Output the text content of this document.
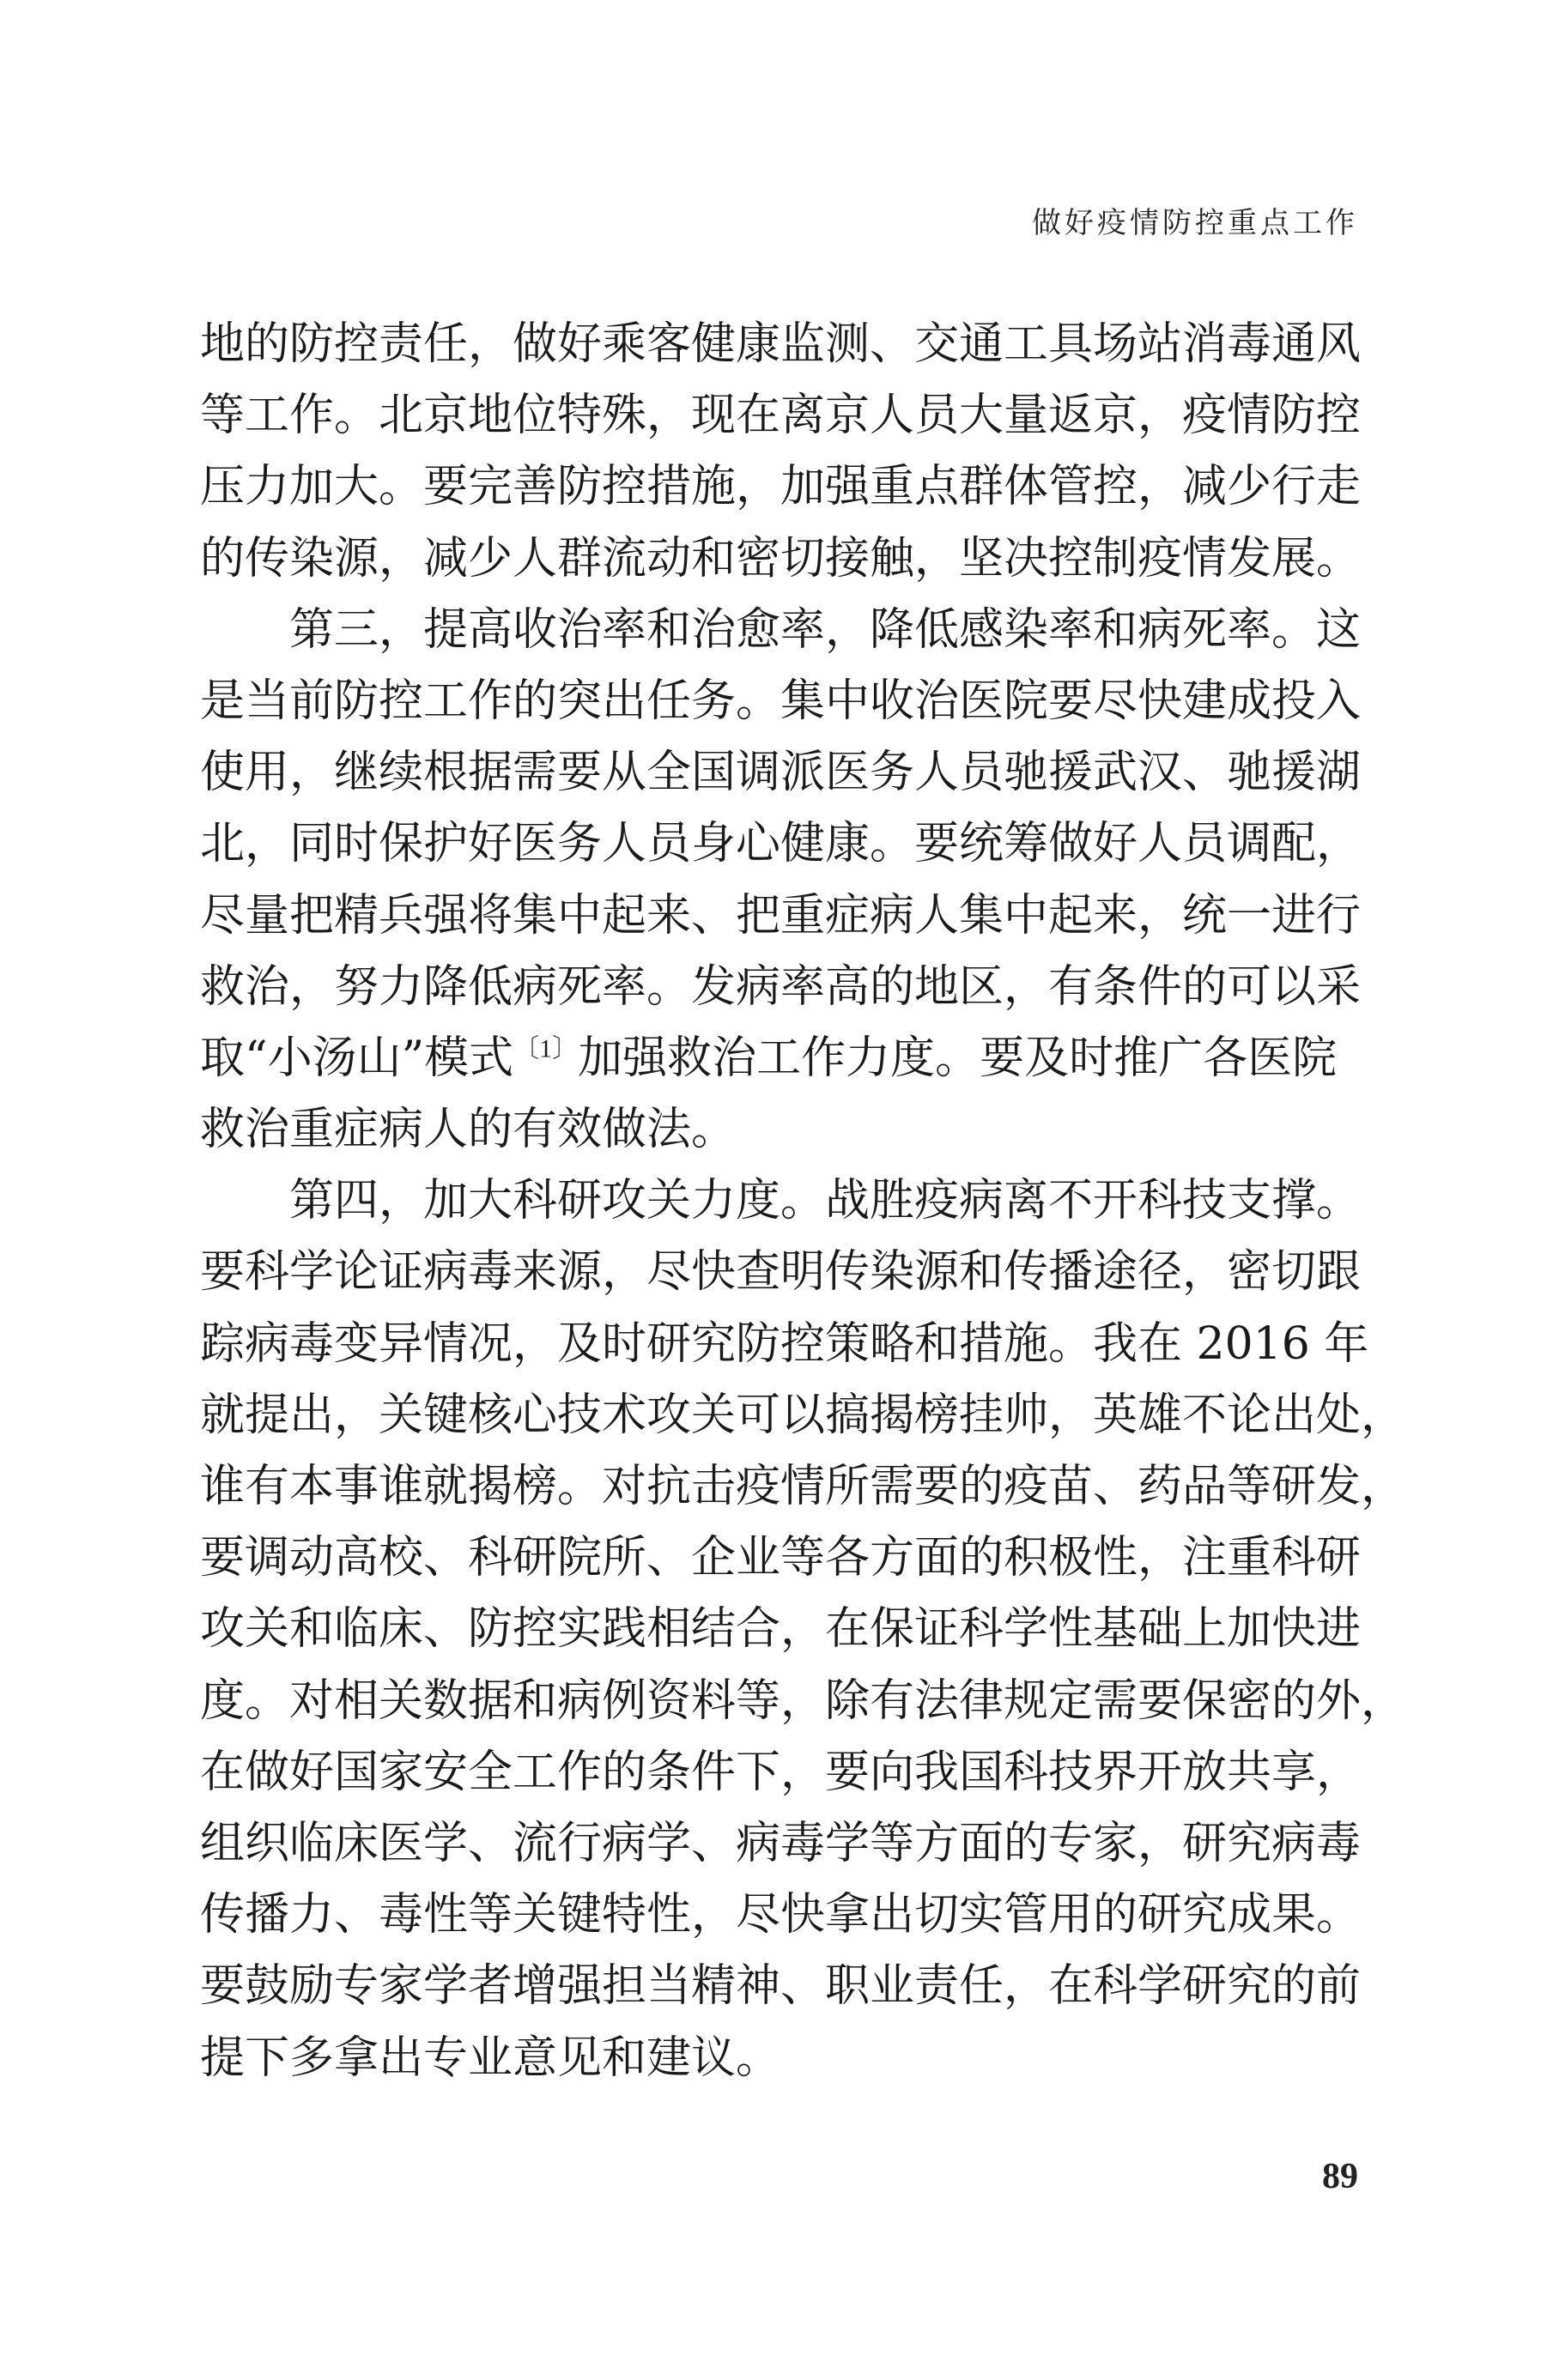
做好疫情防控重点工作
地的防控责任，做好乘客健康监测、交通工具场站消毒通风
等工作。北京地位特殊，现在离京人员大量返京，疫情防控
压力加大。要完善防控措施，加强重点群体管控，减少行走
的传染源，减少人群流动和密切接触，坚决控制疫情发展。
第三，提高收治率和治愈率，降低感染率和病死率。这
是当前防控工作的突出任务。集中收治医院要尽快建成投入
使用，继续根据需要从全国调派医务人员驰援武汉、驰援湖
北，同时保护好医务人员身心健康。要统筹做好人员调配，
尽量把精兵强将集中起来、把重症病人集中起来，统一进行
救治，努力降低病死率。发病率高的地区，有条件的可以采
取“小汤山”模式$^{〔1〕}$加强救治工作力度。要及时推广各医院
救治重症病人的有效做法。
第四，加大科研攻关力度。战胜疫病离不开科技支撑。
要科学论证病毒来源，尽快查明传染源和传播途径，密切跟
踪病毒变异情况，及时研究防控策略和措施。我在 2016 年
就提出，关键核心技术攻关可以搞揭榜挂帅，英雄不论出处，
谁有本事谁就揭榜。对抗击疫情所需要的疫苗、药品等研发，
要调动高校、科研院所、企业等各方面的积极性，注重科研
攻关和临床、防控实践相结合，在保证科学性基础上加快进
度。对相关数据和病例资料等，除有法律规定需要保密的外，
在做好国家安全工作的条件下，要向我国科技界开放共享，
组织临床医学、流行病学、病毒学等方面的专家，研究病毒
传播力、毒性等关键特性，尽快拿出切实管用的研究成果。
要鼓励专家学者增强担当精神、职业责任，在科学研究的前
提下多拿出专业意见和建议。
89
